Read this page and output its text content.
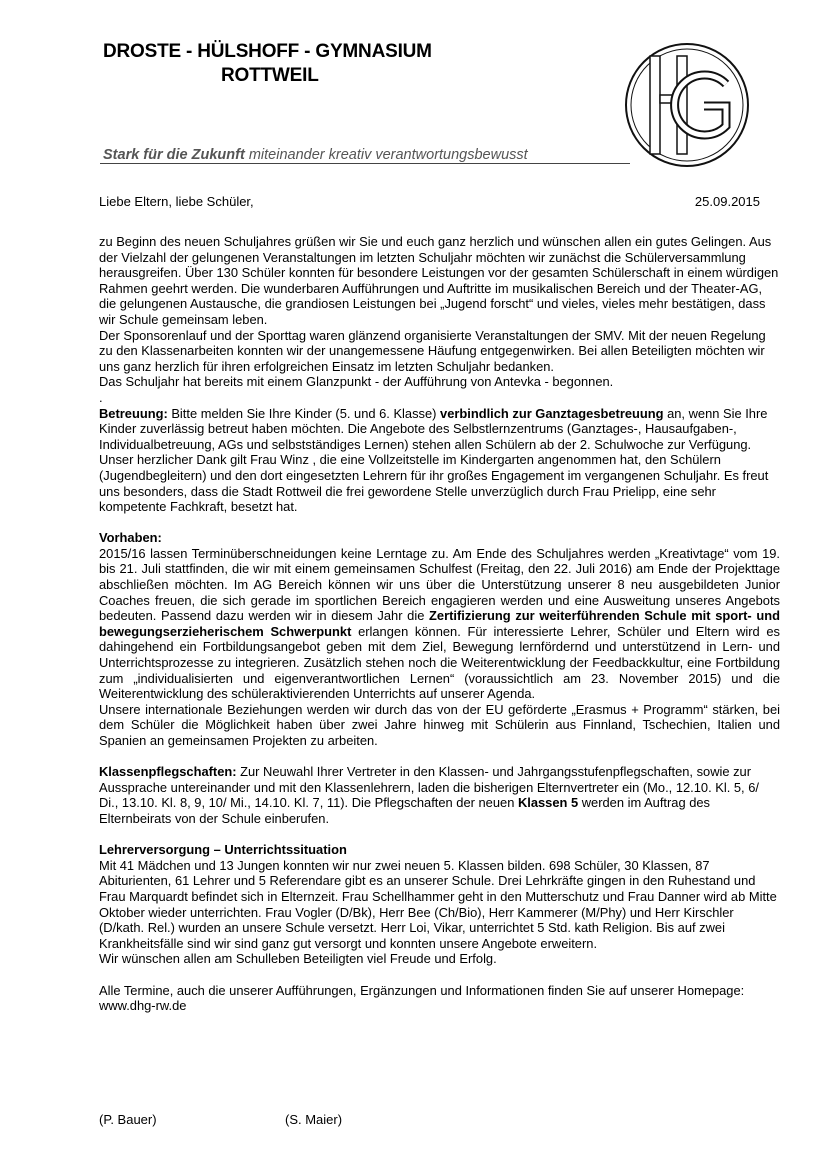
DROSTE - HÜLSHOFF - GYMNASIUM
ROTTWEIL
Stark für die Zukunft miteinander kreativ verantwortungsbewusst
Liebe Eltern, liebe Schüler,	25.09.2015

zu Beginn des neuen Schuljahres grüßen wir Sie und euch ganz herzlich und wünschen allen ein gutes Gelingen. Aus der Vielzahl der gelungenen Veranstaltungen im letzten Schuljahr möchten wir zunächst die Schülerversammlung herausgreifen. Über 130 Schüler konnten für besondere Leistungen vor der gesamten Schülerschaft in einem würdigen Rahmen geehrt werden. Die wunderbaren Aufführungen und Auftritte im musikalischen Bereich und der Theater-AG, die gelungenen Austausche, die grandiosen Leistungen bei „Jugend forscht“ und vieles, vieles mehr bestätigen, dass wir Schule gemeinsam leben.

Der Sponsorenlauf und der Sporttag waren glänzend organisierte Veranstaltungen der SMV. Mit der neuen Regelung zu den Klassenarbeiten konnten wir der unangemessene Häufung entgegenwirken. Bei allen Beteiligten möchten wir uns ganz herzlich für ihren erfolgreichen Einsatz im letzten Schuljahr bedanken.

Das Schuljahr hat bereits mit einem Glanzpunkt - der Aufführung von Antevka - begonnen.

.

Betreuung: Bitte melden Sie Ihre Kinder (5. und 6. Klasse) verbindlich zur Ganztagesbetreuung an, wenn Sie Ihre Kinder zuverlässig betreut haben möchten. Die Angebote des Selbstlernzentrums (Ganztages-, Hausaufgaben-, Individualbetreuung, AGs und selbstständiges Lernen) stehen allen Schülern ab der 2. Schulwoche zur Verfügung. Unser herzlicher Dank gilt Frau Winz , die eine Vollzeitstelle im Kindergarten angenommen hat, den Schülern (Jugendbegleitern) und den dort eingesetzten Lehrern für ihr großes Engagement im vergangenen Schuljahr. Es freut uns besonders, dass die Stadt Rottweil die frei gewordene Stelle unverzüglich durch Frau Prielipp, eine sehr kompetente Fachkraft, besetzt hat.

Vorhaben:

2015/16 lassen Terminüberschneidungen keine Lerntage zu. Am Ende des Schuljahres werden „Kreativtage“ vom 19. bis 21. Juli stattfinden, die wir mit einem gemeinsamen Schulfest (Freitag, den 22. Juli 2016) am Ende der Projekttage abschließen möchten. Im AG Bereich können wir uns über die Unterstützung unserer 8 neu ausgebildeten Junior Coaches freuen, die sich gerade im sportlichen Bereich engagieren werden und eine Ausweitung unseres Angebots bedeuten. Passend dazu werden wir in diesem Jahr die Zertifizierung zur weiterführenden Schule mit sport- und bewegungserzieherischem Schwerpunkt erlangen können. Für interessierte Lehrer, Schüler und Eltern wird es dahingehend ein Fortbildungsangebot geben mit dem Ziel, Bewegung lernfördernd und unterstützend in Lern- und Unterrichtsprozesse zu integrieren. Zusätzlich stehen noch die Weiterentwicklung der Feedbackkultur, eine Fortbildung zum „individualisierten und eigenverantwortlichen Lernen“ (voraussichtlich am 23. November 2015) und die Weiterentwicklung des schüleraktivierenden Unterrichts auf unserer Agenda.

Unsere internationale Beziehungen werden wir durch das von der EU geförderte „Erasmus + Programm“ stärken, bei dem Schüler die Möglichkeit haben über zwei Jahre hinweg mit Schülerin aus Finnland, Tschechien, Italien und Spanien an gemeinsamen Projekten zu arbeiten.

Klassenpflegschaften: Zur Neuwahl Ihrer Vertreter in den Klassen- und Jahrgangsstufenpflegschaften, sowie zur Aussprache untereinander und mit den Klassenlehrern, laden die bisherigen Elternvertreter ein (Mo., 12.10. Kl. 5, 6/ Di., 13.10. Kl. 8, 9, 10/ Mi., 14.10. Kl. 7, 11). Die Pflegschaften der neuen Klassen 5 werden im Auftrag des Elternbeirats von der Schule einberufen.

Lehrerversorgung – Unterrichtssituation

Mit 41 Mädchen und 13 Jungen konnten wir nur zwei neuen 5. Klassen bilden. 698 Schüler, 30 Klassen, 87 Abiturienten, 61 Lehrer und 5 Referendare gibt es an unserer Schule. Drei Lehrkräfte gingen in den Ruhestand und Frau Marquardt befindet sich in Elternzeit. Frau Schellhammer geht in den Mutterschutz und Frau Danner wird ab Mitte Oktober wieder unterrichten. Frau Vogler (D/Bk), Herr Bee (Ch/Bio), Herr Kammerer (M/Phy) und Herr Kirschler (D/kath. Rel.) wurden an unsere Schule versetzt. Herr Loi, Vikar, unterrichtet 5 Std. kath Religion. Bis auf zwei Krankheitsfälle sind wir sind ganz gut versorgt und konnten unsere Angebote erweitern.

Wir wünschen allen am Schulleben Beteiligten viel Freude und Erfolg.

Alle Termine, auch die unserer Aufführungen, Ergänzungen und Informationen finden Sie auf unserer Homepage: www.dhg-rw.de

(P. Bauer)	(S. Maier)
